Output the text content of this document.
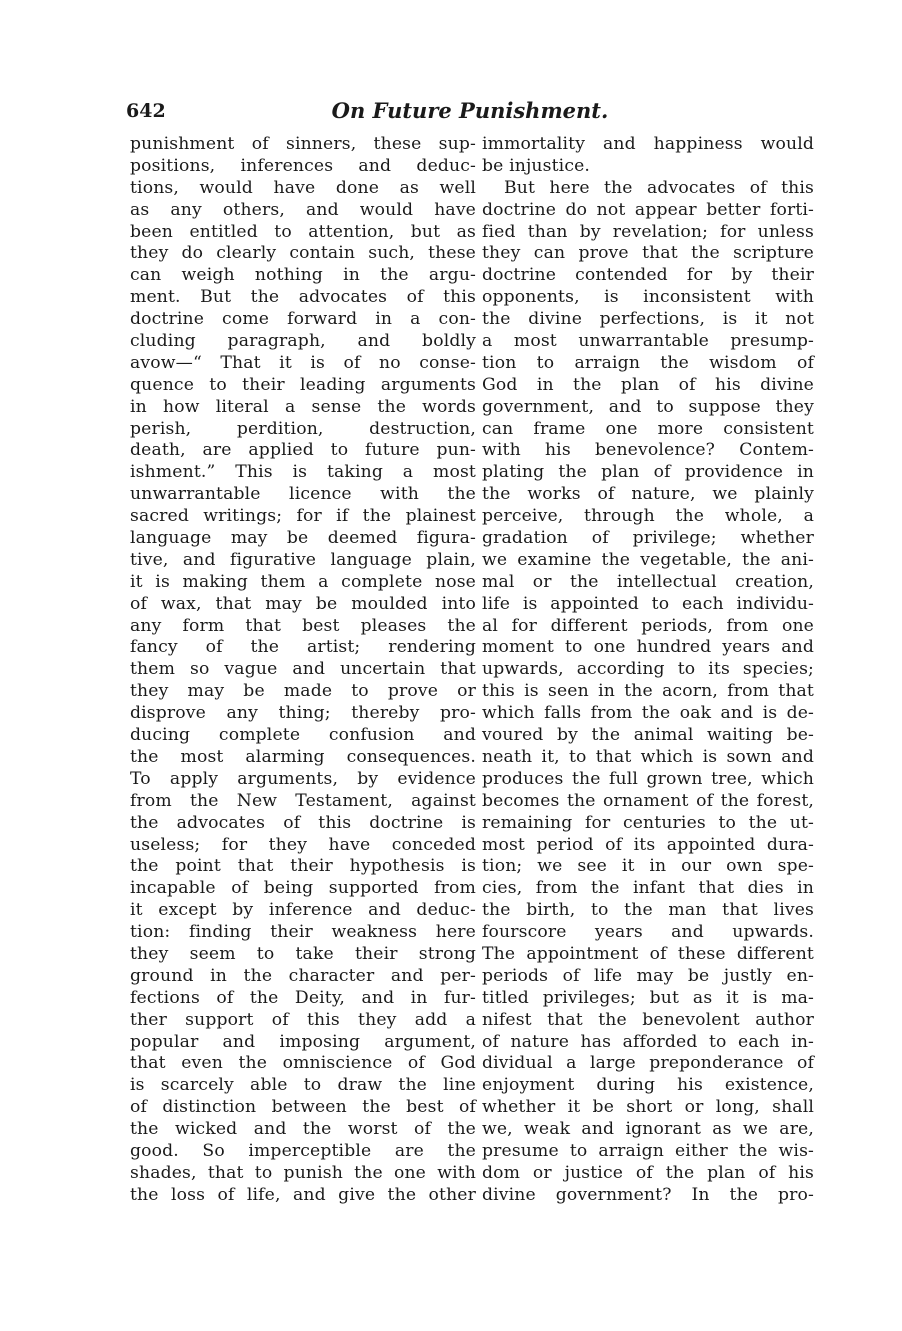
642	On Future Punishment.
punishment of sinners, these sup-
positions, inferences and deduc-
tions, would have done as well
as any others, and would have
been entitled to attention, but as
they do clearly contain such, these
can weigh nothing in the argu-
ment. But the advocates of this
doctrine come forward in a con-
cluding paragraph, and boldly
avow—“ That it is of no conse-
quence to their leading arguments
in how literal a sense the words
perish, perdition, destruction,
death, are applied to future pun-
ishment.” This is taking a most
unwarrantable licence with the
sacred writings; for if the plainest
language may be deemed figura-
tive, and figurative language plain,
it is making them a complete nose
of wax, that may be moulded into
any form that best pleases the
fancy of the artist; rendering
them so vague and uncertain that
they may be made to prove or
disprove any thing; thereby pro-
ducing complete confusion and
the most alarming consequences.
To apply arguments, by evidence
from the New Testament, against
the advocates of this doctrine is
useless; for they have conceded
the point that their hypothesis is
incapable of being supported from
it except by inference and deduc-
tion: finding their weakness here
they seem to take their strong
ground in the character and per-
fections of the Deity, and in fur-
ther support of this they add a
popular and imposing argument,
that even the omniscience of God
is scarcely able to draw the line
of distinction between the best of
the wicked and the worst of the
good. So imperceptible are the
shades, that to punish the one with
the loss of life, and give the other
immortality and happiness would
be injustice.
But here the advocates of this
doctrine do not appear better forti-
fied than by revelation; for unless
they can prove that the scripture
doctrine contended for by their
opponents, is inconsistent with
the divine perfections, is it not
a most unwarrantable presump-
tion to arraign the wisdom of
God in the plan of his divine
government, and to suppose they
can frame one more consistent
with his benevolence? Contem-
plating the plan of providence in
the works of nature, we plainly
perceive, through the whole, a
gradation of privilege; whether
we examine the vegetable, the ani-
mal or the intellectual creation,
life is appointed to each individu-
al for different periods, from one
moment to one hundred years and
upwards, according to its species;
this is seen in the acorn, from that
which falls from the oak and is de-
voured by the animal waiting be-
neath it, to that which is sown and
produces the full grown tree, which
becomes the ornament of the forest,
remaining for centuries to the ut-
most period of its appointed dura-
tion; we see it in our own spe-
cies, from the infant that dies in
the birth, to the man that lives
fourscore years and upwards.
The appointment of these different
periods of life may be justly en-
titled privileges; but as it is ma-
nifest that the benevolent author
of nature has afforded to each in-
dividual a large preponderance of
enjoyment during his existence,
whether it be short or long, shall
we, weak and ignorant as we are,
presume to arraign either the wis-
dom or justice of the plan of his
divine government? In the pro-
